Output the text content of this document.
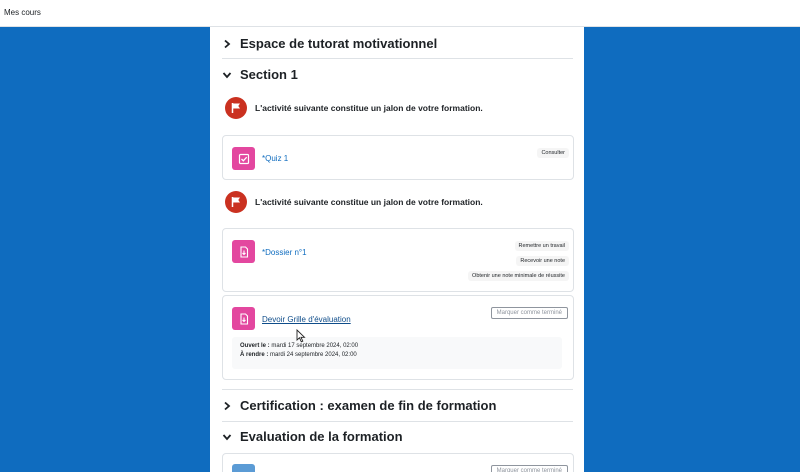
Mes cours
Espace de tutorat motivationnel
Section 1
L'activité suivante constitue un jalon de votre formation.
*Quiz 1
Consulter
L'activité suivante constitue un jalon de votre formation.
*Dossier n°1
Remettre un travail
Recevoir une note
Obtenir une note minimale de réussite
Devoir Grille d'évaluation
Marquer comme terminé
Ouvert le : mardi 17 septembre 2024, 02:00
À rendre : mardi 24 septembre 2024, 02:00
Certification : examen de fin de formation
Evaluation de la formation
Marquer comme terminé
